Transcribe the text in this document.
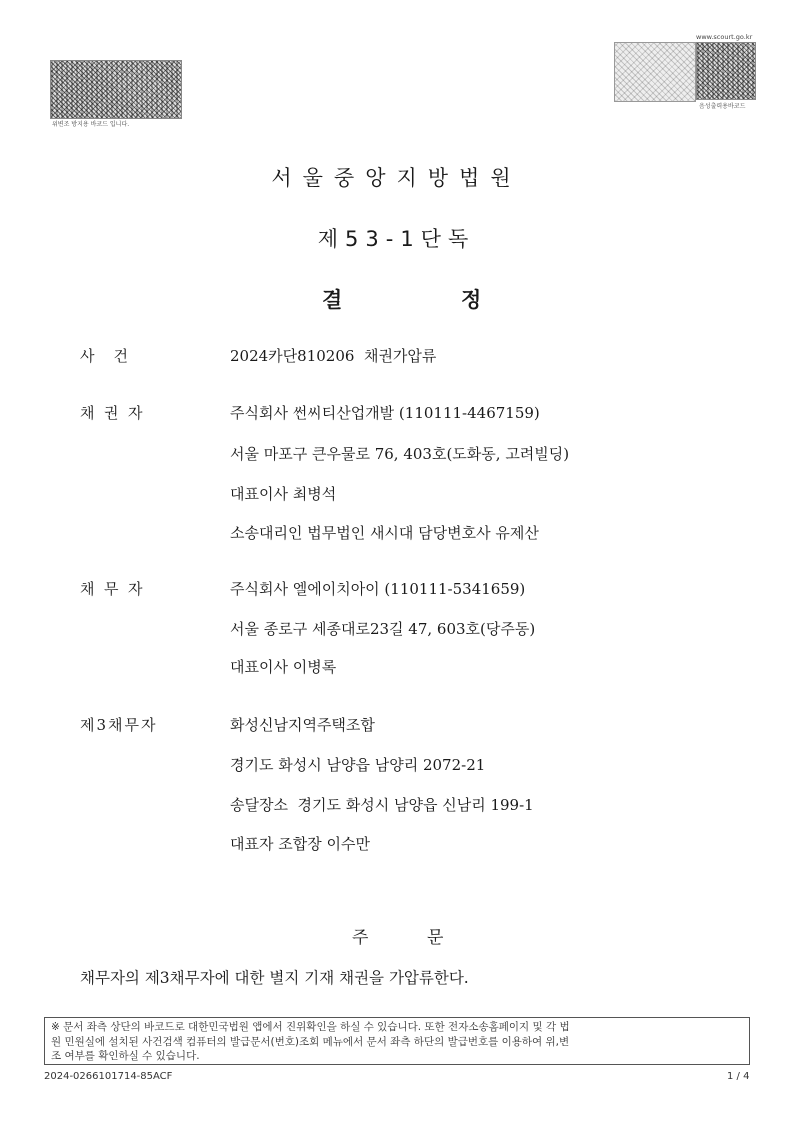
위변조 방지용 바코드 입니다.
www.scourt.go.kr
음성출력용바코드
서울중앙지방법원
제53-1단독
결	정
사    건	2024카단810206  채권가압류
채  권  자	주식회사 썬씨티산업개발 (110111-4467159)
서울 마포구 큰우물로 76, 403호(도화동, 고려빌딩)
대표이사 최병석
소송대리인 법무법인 새시대 담당변호사 유제산
채  무  자	주식회사 엘에이치아이 (110111-5341659)
서울 종로구 세종대로23길 47, 603호(당주동)
대표이사 이병록
제3채무자	화성신남지역주택조합
경기도 화성시 남양읍 남양리 2072-21
송달장소  경기도 화성시 남양읍 신남리 199-1
대표자 조합장 이수만
주	문
채무자의 제3채무자에 대한 별지 기재 채권을 가압류한다.
※ 문서 좌측 상단의 바코드로 대한민국법원 앱에서 진위확인을 하실 수 있습니다. 또한 전자소송홈페이지 및 각 법
원 민원실에 설치된 사건검색 컴퓨터의 발급문서(번호)조회 메뉴에서 문서 좌측 하단의 발급번호를 이용하여 위,변
조 여부를 확인하실 수 있습니다.
2024-0266101714-85ACF	1 / 4
